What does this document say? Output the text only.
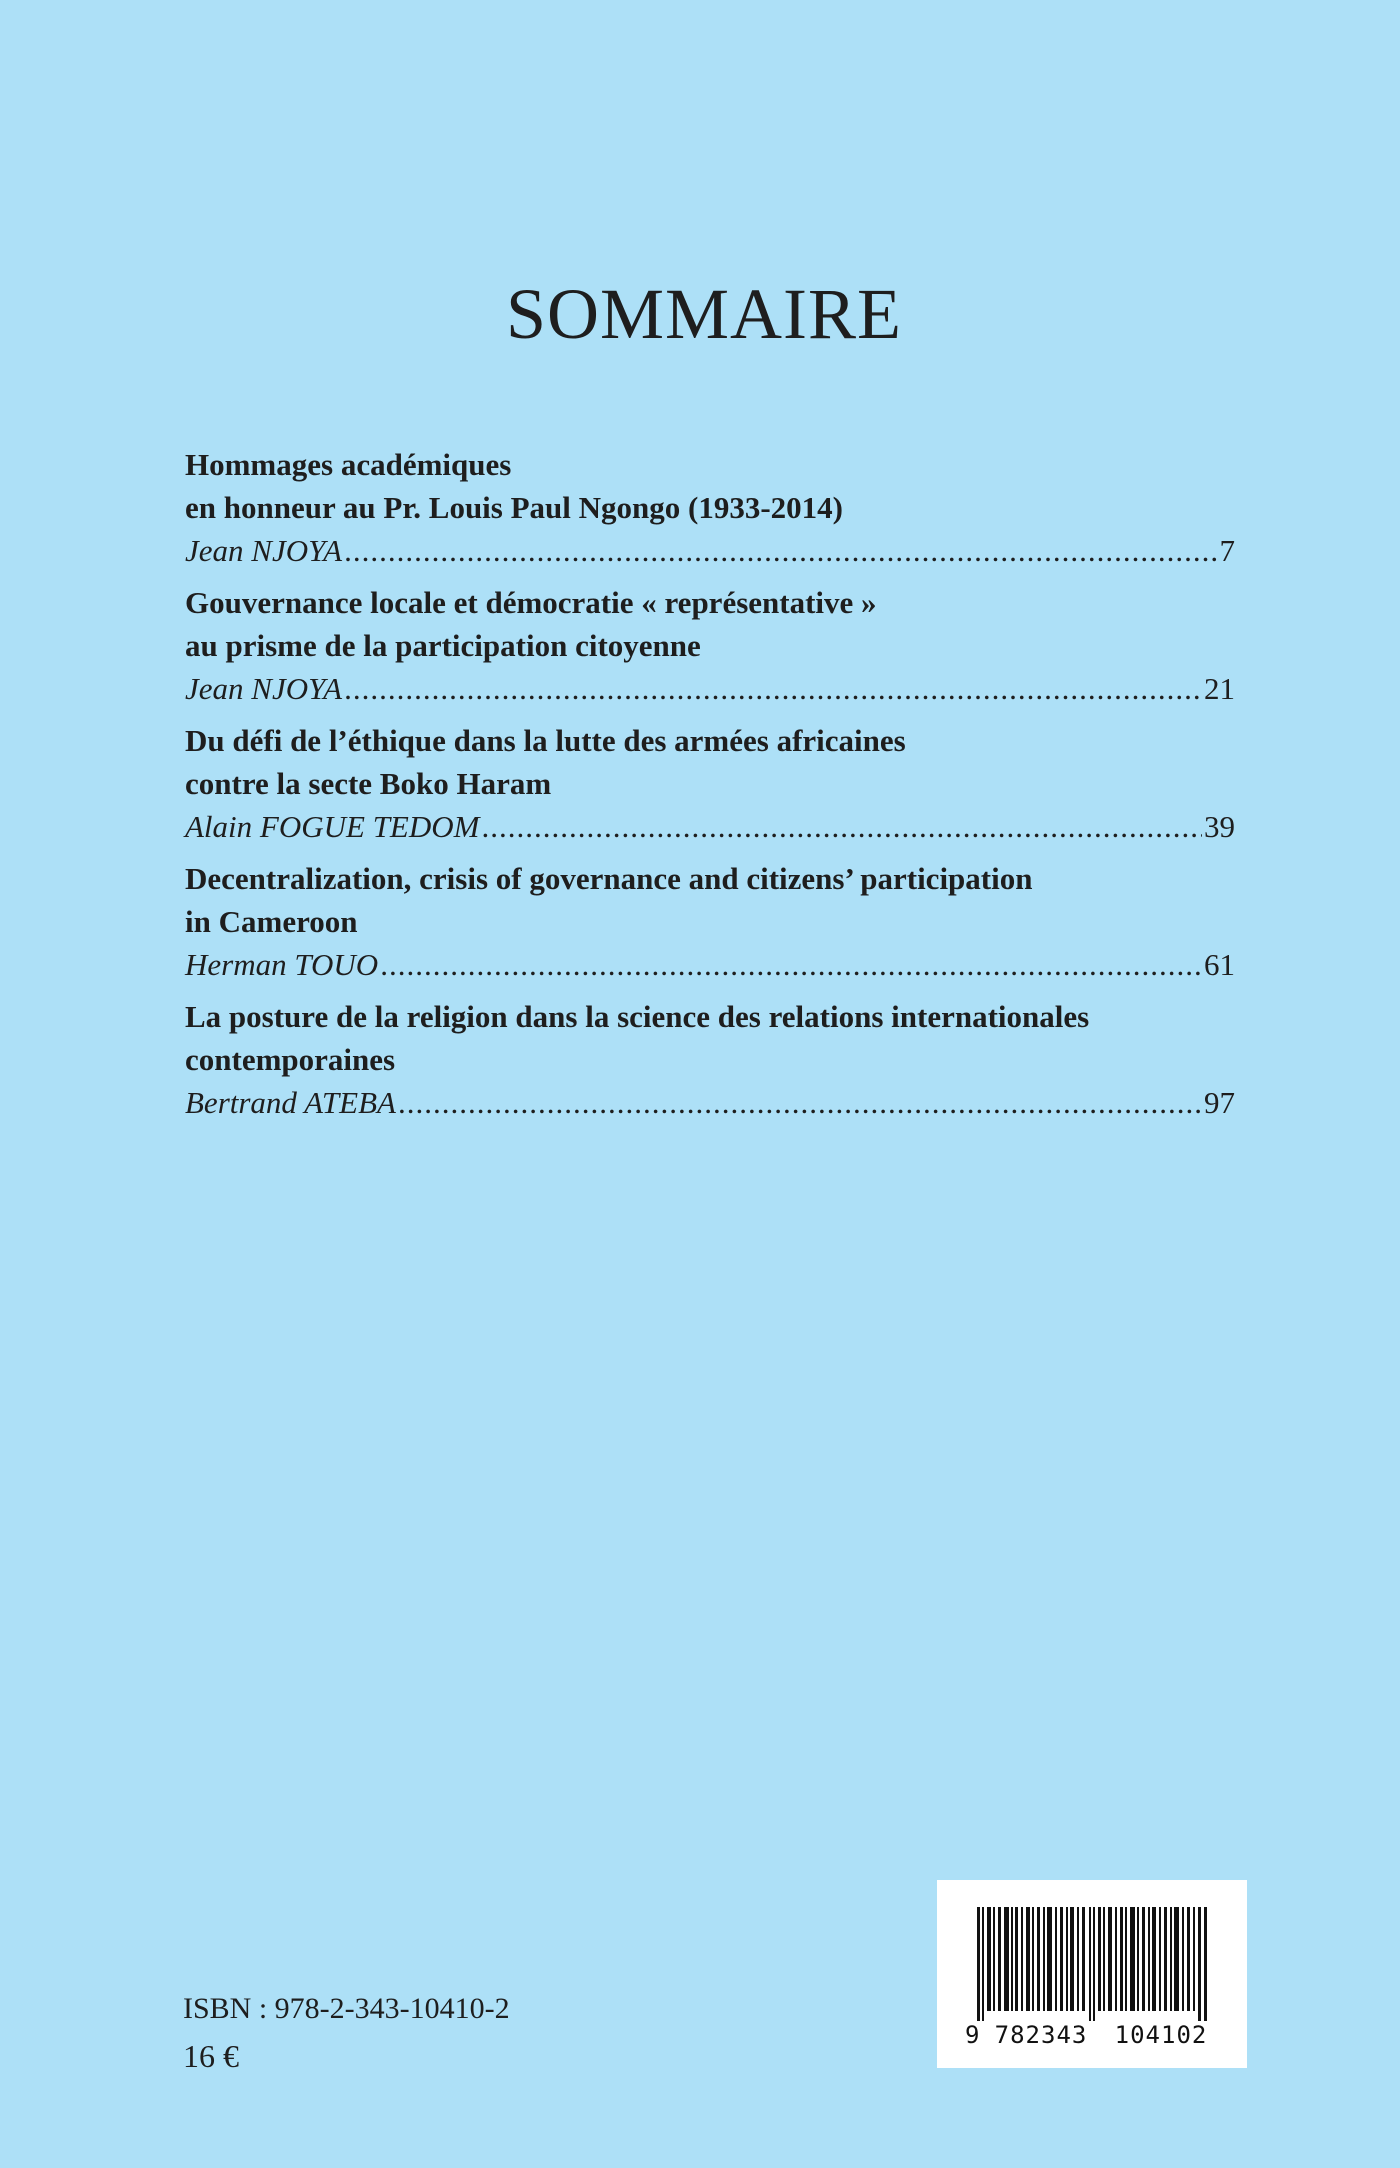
SOMMAIRE
Hommages académiques
en honneur au Pr. Louis Paul Ngongo (1933-2014)
Jean NJOYA .....	7
Gouvernance locale et démocratie « représentative »
au prisme de la participation citoyenne
Jean NJOYA .....	21
Du défi de l’éthique dans la lutte des armées africaines
contre la secte Boko Haram
Alain FOGUE TEDOM .....	39
Decentralization, crisis of governance and citizens’ participation
in Cameroon
Herman TOUO .....	61
La posture de la religion dans la science des relations internationales
contemporaines
Bertrand ATEBA .....	97
ISBN : 978-2-343-10410-2
16 €
9 782343	104102
